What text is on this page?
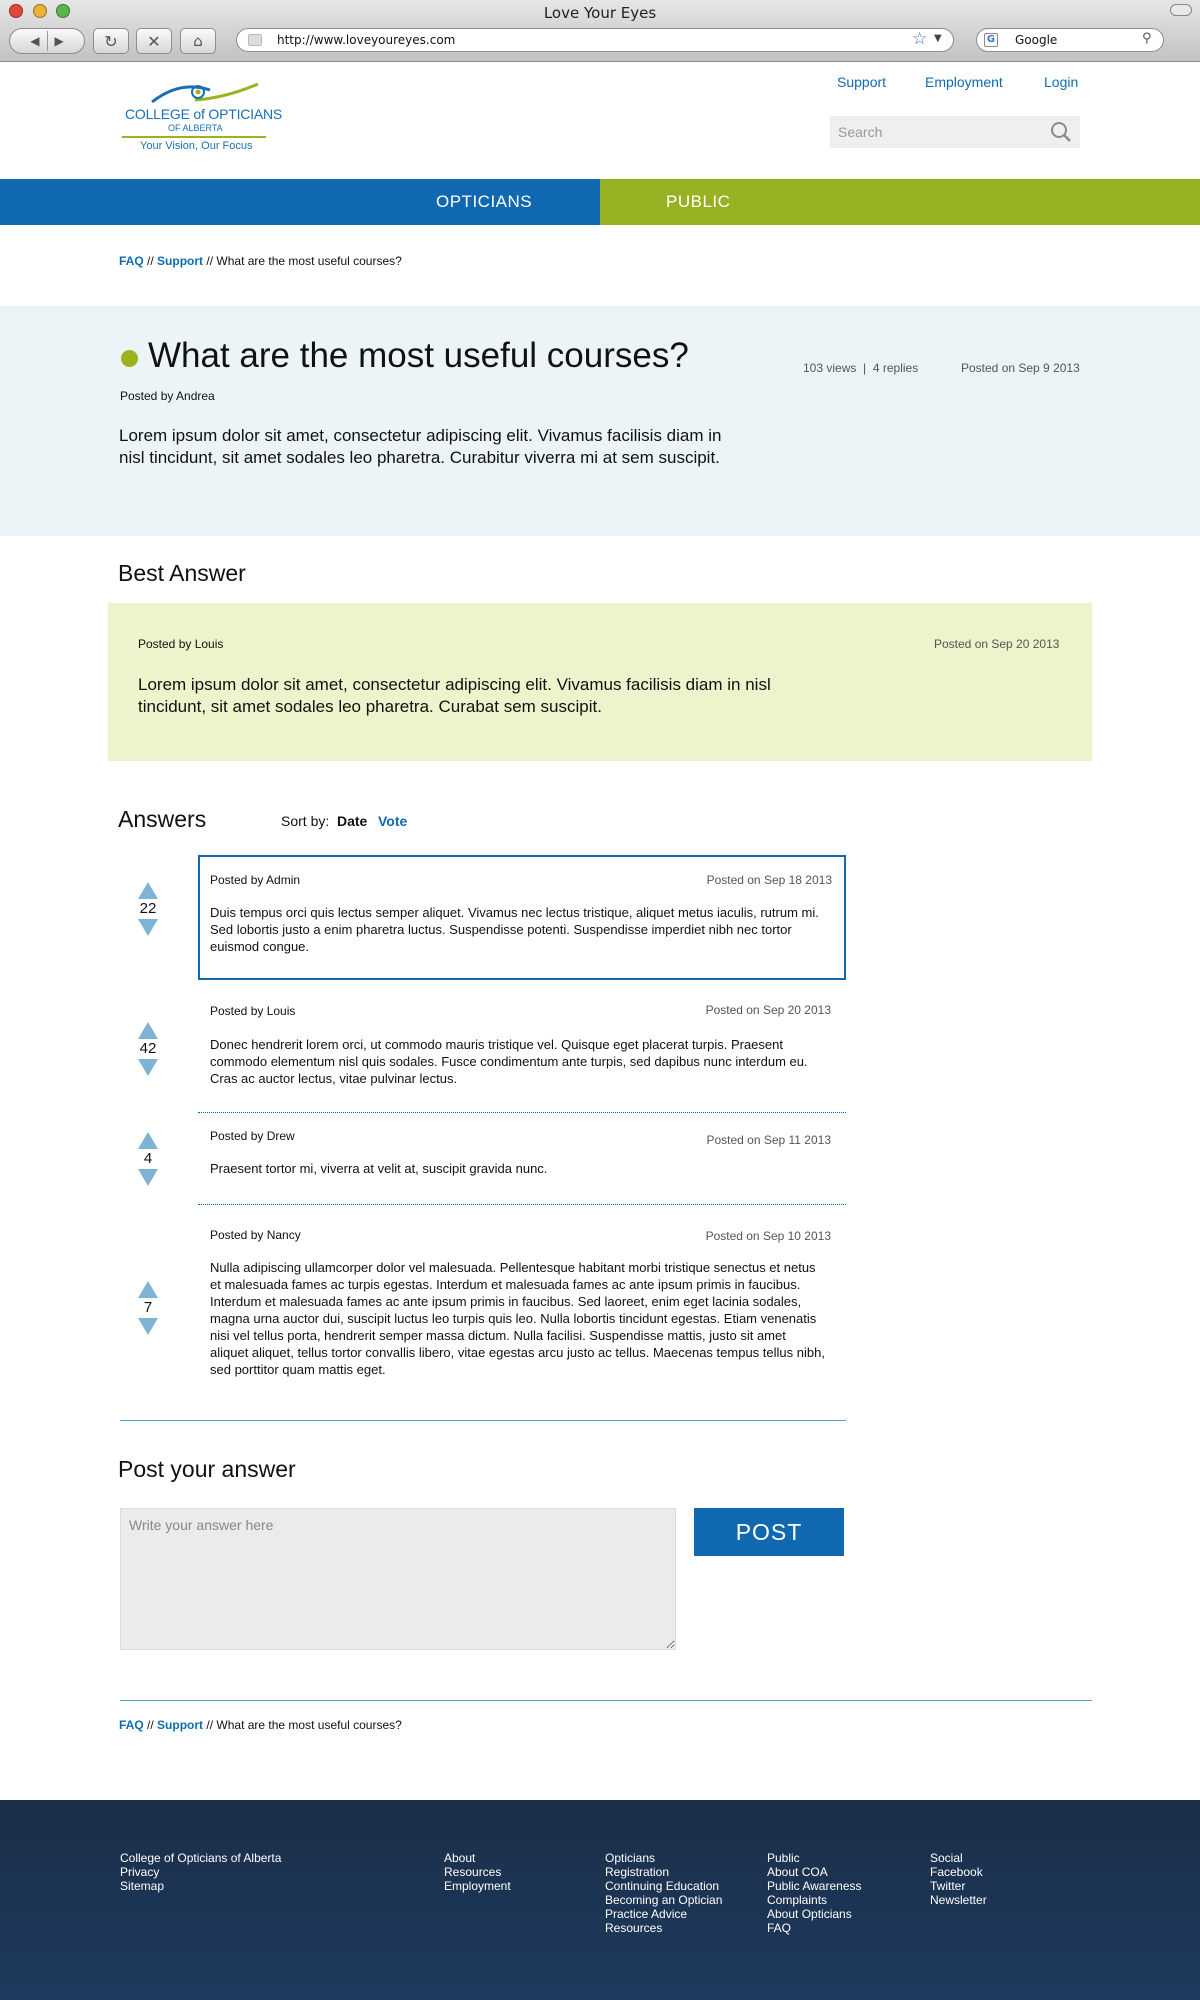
Love Your Eyes
◀ ▶	↻ ✕ ⌂	http://www.loveyoureyes.com	☆ ▼	Google
G	⚲
COLLEGE of OPTICIANS
OF ALBERTA
Your Vision, Our Focus
Support	Employment	Login
Search
OPTICIANS	PUBLIC
FAQ // Support // What are the most useful courses?
What are the most useful courses?
Posted by Andrea
103 views | 4 replies	Posted on Sep 9 2013

Lorem ipsum dolor sit amet, consectetur adipiscing elit. Vivamus facilisis diam in nisl tincidunt, sit amet sodales leo pharetra. Curabitur viverra mi at sem suscipit.

Best Answer
Posted by Louis	Posted on Sep 20 2013

Lorem ipsum dolor sit amet, consectetur adipiscing elit. Vivamus facilisis diam in nisl tincidunt, sit amet sodales leo pharetra. Curabat sem suscipit.

Answers	Sort by: Date Vote
22
Posted by Admin	Posted on Sep 18 2013

Duis tempus orci quis lectus semper aliquet. Vivamus nec lectus tristique, aliquet metus iaculis, rutrum mi. Sed lobortis justo a enim pharetra luctus. Suspendisse potenti. Suspendisse imperdiet nibh nec tortor euismod congue.

42
Posted by Louis	Posted on Sep 20 2013

Donec hendrerit lorem orci, ut commodo mauris tristique vel. Quisque eget placerat turpis. Praesent commodo elementum nisl quis sodales. Fusce condimentum ante turpis, sed dapibus nunc interdum eu. Cras ac auctor lectus, vitae pulvinar lectus.

4
Posted by Drew	Posted on Sep 11 2013

Praesent tortor mi, viverra at velit at, suscipit gravida nunc.

7
Posted by Nancy	Posted on Sep 10 2013

Nulla adipiscing ullamcorper dolor vel malesuada. Pellentesque habitant morbi tristique senectus et netus et malesuada fames ac turpis egestas. Interdum et malesuada fames ac ante ipsum primis in faucibus. Interdum et malesuada fames ac ante ipsum primis in faucibus. Sed laoreet, enim eget lacinia sodales, magna urna auctor dui, suscipit luctus leo turpis quis leo. Nulla lobortis tincidunt egestas. Etiam venenatis nisi vel tellus porta, hendrerit semper massa dictum. Nulla facilisi. Suspendisse mattis, justo sit amet aliquet aliquet, tellus tortor convallis libero, vitae egestas arcu justo ac tellus. Maecenas tempus tellus nibh, sed porttitor quam mattis eget.

Post your answer
Write your answer here
POST
FAQ // Support // What are the most useful courses?
College of Opticians of Alberta
Privacy
Sitemap
About
Resources
Employment
Opticians
Registration
Continuing Education
Becoming an Optician
Practice Advice
Resources
Public
About COA
Public Awareness
Complaints
About Opticians
FAQ
Social
Facebook
Twitter
Newsletter
